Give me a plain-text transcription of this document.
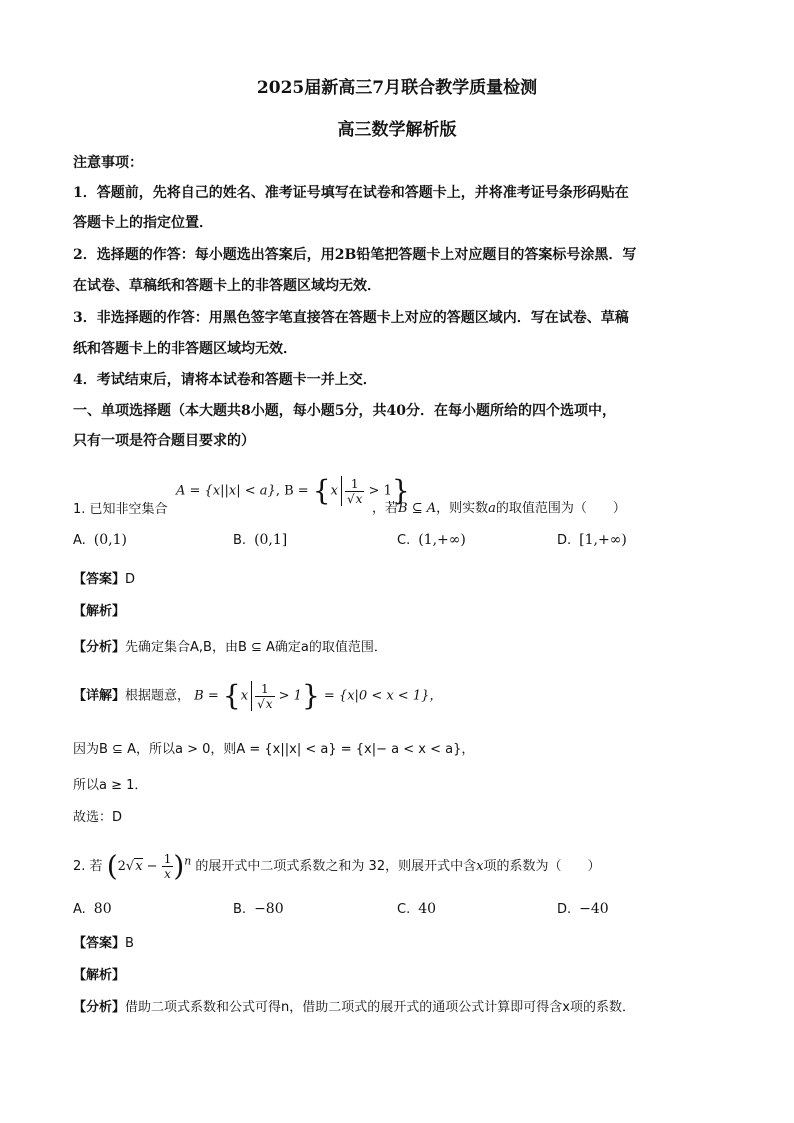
2025届新高三7月联合教学质量检测
高三数学解析版
注意事项：
1．答题前，先将自己的姓名、准考证号填写在试卷和答题卡上，并将准考证号条形码贴在
答题卡上的指定位置．
2．选择题的作答：每小题选出答案后，用2B铅笔把答题卡上对应题目的答案标号涂黑．写
在试卷、草稿纸和答题卡上的非答题区域均无效．
3．非选择题的作答：用黑色签字笔直接答在答题卡上对应的答题区域内．写在试卷、草稿
纸和答题卡上的非答题区域均无效．
4．考试结束后，请将本试卷和答题卡一并上交．
一、单项选择题（本大题共8小题，每小题5分，共40分．在每小题所给的四个选项中，
只有一项是符合题目要求的）
A = {x||x| < a}, $B = \{x \frac{1}{√x} > 1\}$
1. 已知非空集合	，若B ⊆ A，则实数a的取值范围为（　　）
A. (0,1)	B. (0,1]	C. (1,+∞)	D. [1,+∞)
【答案】D
【解析】
【分析】先确定集合A,B，由B ⊆ A确定a的取值范围．
【详解】根据题意， $B = \{x \frac{1}{√x} > 1\} = \{x|0 < x < 1\}$，
因为B ⊆ A，所以a > 0，则A = {x||x| < a} = {x|− a < x < a}，
所以a ≥ 1．
故选：D
2. 若 $(2√x - \frac{1}{x} )^n$ 的展开式中二项式系数之和为 32，则展开式中含x项的系数为（　　）
A. 80	B. −80	C. 40	D. −40
【答案】B
【解析】
【分析】借助二项式系数和公式可得n，借助二项式的展开式的通项公式计算即可得含x项的系数．
